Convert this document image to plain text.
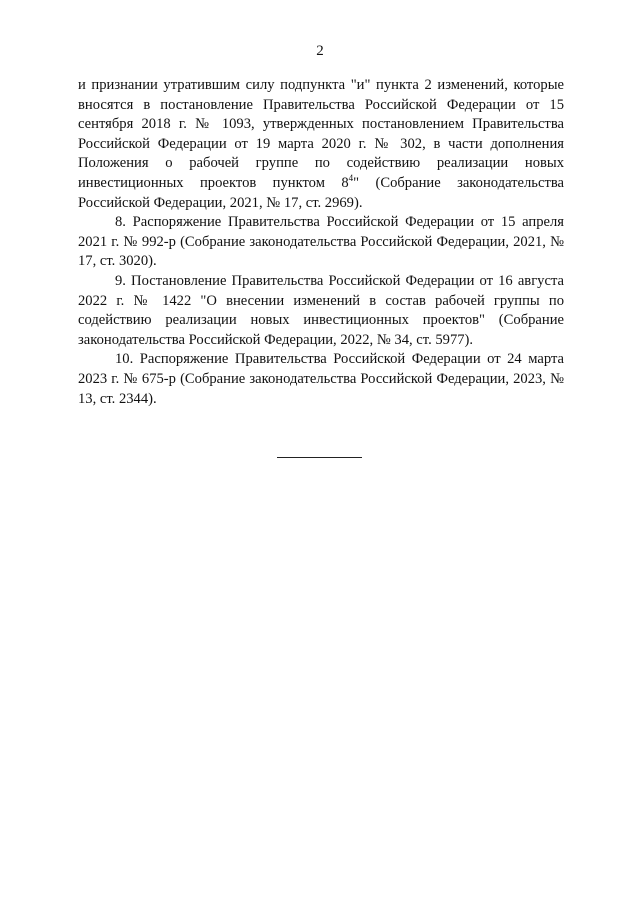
2

и признании утратившим силу подпункта "и" пункта 2 изменений, которые вносятся в постановление Правительства Российской Федерации от 15 сентября 2018 г. № 1093, утвержденных постановлением Правительства Российской Федерации от 19 марта 2020 г. № 302, в части дополнения Положения о рабочей группе по содействию реализации новых инвестиционных проектов пунктом $8^4$" (Собрание законодательства Российской Федерации, 2021, № 17, ст. 2969).

8. Распоряжение Правительства Российской Федерации от 15 апреля 2021 г. № 992-р (Собрание законодательства Российской Федерации, 2021, № 17, ст. 3020).

9. Постановление Правительства Российской Федерации от 16 августа 2022 г. № 1422 "О внесении изменений в состав рабочей группы по содействию реализации новых инвестиционных проектов" (Собрание законодательства Российской Федерации, 2022, № 34, ст. 5977).

10. Распоряжение Правительства Российской Федерации от 24 марта 2023 г. № 675-р (Собрание законодательства Российской Федерации, 2023, № 13, ст. 2344).
